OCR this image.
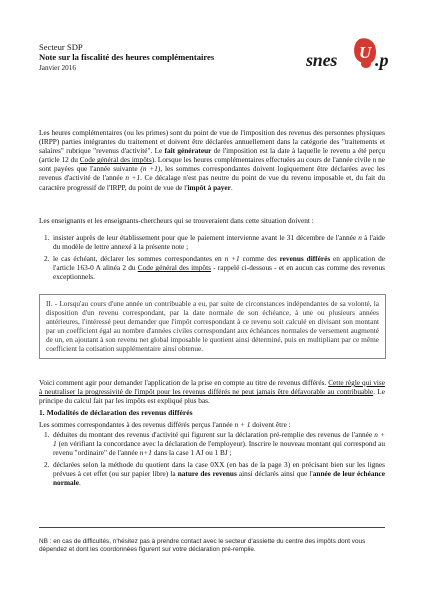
Secteur SDP
Note sur la fiscalité des heures complémentaires
Janvier 2016	snes U .p
Les heures complémentaires (ou les primes) sont du point de vue de l'imposition des revenus des personnes physiques (IRPP) parties intégrantes du traitement et doivent être déclarées annuellement dans la catégorie des "traitements et salaires" rubrique "revenus d'activité". Le fait générateur de l'imposition est la date à laquelle le revenu a été perçu (article 12 du Code général des impôts). Lorsque les heures complémentaires effectuées au cours de l'année civile n ne sont payées que l'année suivante (n +1), les sommes correspondantes doivent logiquement être déclarées avec les revenus d'activité de l'année n +1. Ce décalage n'est pas neutre du point de vue du revenu imposable et, du fait du caractère progressif de l'IRPP, du point de vue de l'impôt à payer.
Les enseignants et les enseignants-chercheurs qui se trouveraient dans cette situation doivent :
1. insister auprès de leur établissement pour que le paiement intervienne avant le 31 décembre de l'année n à l'aide du modèle de lettre annexé à la présente note ;
2. le cas échéant, déclarer les sommes correspondantes en n +1 comme des revenus différés en application de l'article 163-0 A alinéa 2 du Code général des impôts - rappelé ci-dessous - et en aucun cas comme des revenus exceptionnels.
II. - Lorsqu'au cours d'une année un contribuable a eu, par suite de circonstances indépendantes de sa volonté, la disposition d'un revenu correspondant, par la date normale de son échéance, à une ou plusieurs années antérieures, l'intéressé peut demander que l'impôt correspondant à ce revenu soit calculé en divisant son montant par un coefficient égal au nombre d'années civiles correspondant aux échéances normales de versement augmenté de un, en ajoutant à son revenu net global imposable le quotient ainsi déterminé, puis en multipliant par ce même coefficient la cotisation supplémentaire ainsi obtenue.
Voici comment agir pour demander l'application de la prise en compte au titre de revenus différés. Cette règle qui vise à neutraliser la progressivité de l'impôt pour les revenus différés ne peut jamais être défavorable au contribuable. Le principe du calcul fait par les impôts est expliqué plus bas.
1. Modalités de déclaration des revenus différés
Les sommes correspondantes à des revenus différés perçus l'année n + 1 doivent être :
1. déduites du montant des revenus d'activité qui figurent sur la déclaration pré-remplie des revenus de l'année n + 1 (en vérifiant la concordance avec la déclaration de l'employeur). Inscrire le nouveau montant qui correspond au revenu "ordinaire" de l'année n+1 dans la case 1 AJ ou 1 BJ ;
2. déclarées selon la méthode du quotient dans la case 0XX (en bas de la page 3) en précisant bien sur les lignes prévues à cet effet (ou sur papier libre) la nature des revenus ainsi déclarés ainsi que l'année de leur échéance normale.
NB : en cas de difficultés, n'hésitez pas à prendre contact avec le secteur d'assiette du centre des impôts dont vous dépendez et dont les coordonnées figurent sur votre déclaration pré-remplie.
